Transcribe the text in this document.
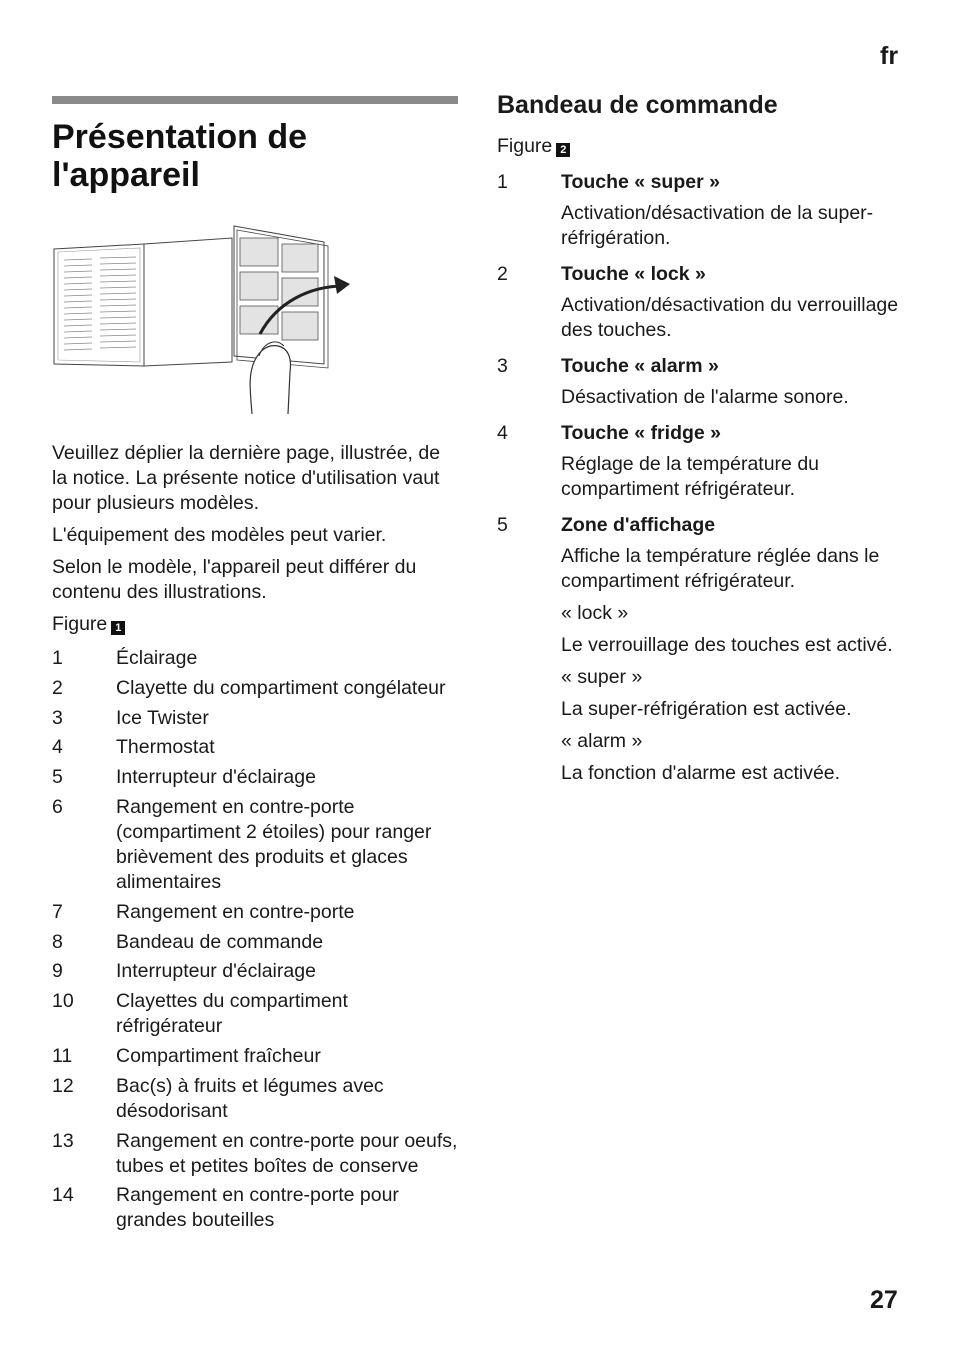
fr
Présentation de l'appareil

Veuillez déplier la dernière page, illustrée, de la notice. La présente notice d'utilisation vaut pour plusieurs modèles.

L'équipement des modèles peut varier.

Selon le modèle, l'appareil peut différer du contenu des illustrations.

Figure 1
1	Éclairage
2	Clayette du compartiment congélateur
3	Ice Twister
4	Thermostat
5	Interrupteur d'éclairage
6	Rangement en contre-porte (compartiment 2 étoiles) pour ranger brièvement des produits et glaces alimentaires
7	Rangement en contre-porte
8	Bandeau de commande
9	Interrupteur d'éclairage
10	Clayettes du compartiment réfrigérateur
11	Compartiment fraîcheur
12	Bac(s) à fruits et légumes avec désodorisant
13	Rangement en contre-porte pour oeufs, tubes et petites boîtes de conserve
14	Rangement en contre-porte pour grandes bouteilles
Bandeau de commande
Figure 2
1	Touche « super »
Activation/désactivation de la super-réfrigération.
2	Touche « lock »
Activation/désactivation du verrouillage des touches.
3	Touche « alarm »
Désactivation de l'alarme sonore.
4	Touche « fridge »
Réglage de la température du compartiment réfrigérateur.
5	Zone d'affichage
Affiche la température réglée dans le compartiment réfrigérateur.
« lock »
Le verrouillage des touches est activé.
« super »
La super-réfrigération est activée.
« alarm »
La fonction d'alarme est activée.
27
